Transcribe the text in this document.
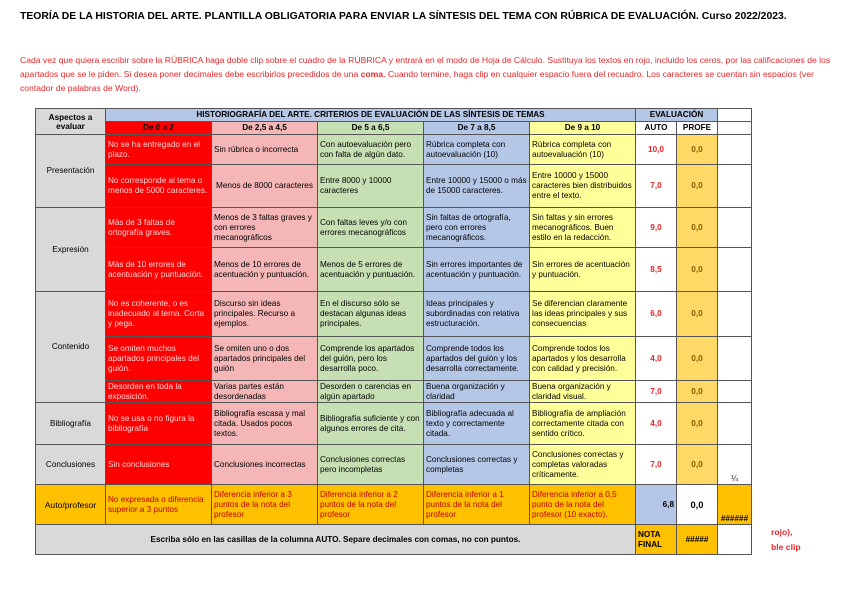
TEORÍA DE LA HISTORIA DEL ARTE. PLANTILLA OBLIGATORIA PARA ENVIAR LA SÍNTESIS DEL TEMA CON RÚBRICA DE EVALUACIÓN. Curso 2022/2023.
Cada vez que quiera escribir sobre la RÚBRICA haga doble clip sobre el cuadro de la RÚBRICA y entrará en el modo de Hoja de Cálculo. Sustituya los textos en rojo, incluido los ceros, por las calificaciones de los apartados que se le piden. Si desea poner decimales debe escribirlos precedidos de una coma. Cuando termine, haga clip en cualquier espacio fuera del recuadro. Los caracteres se cuentan sin espacios (ver contador de palabras de Word).
Aspectos a evaluar	HISTORIOGRAFÍA DEL ARTE. CRITERIOS DE EVALUACIÓN DE LAS SÍNTESIS DE TEMAS					EVALUACIÓN		
	De 0 a 2	De 2,5 a 4,5	De 5 a 6,5	De 7 a 8,5	De 9 a 10	AUTO	PROFE	
Presentación	No se ha entregado en el plazo.	Sin rúbrica o incorrecta	Con autoevaluación pero con falta de algún dato.	Rúbrica completa con autoevaluación (10)	Rúbrica completa con autoevaluación (10)	10,0	0,0	
	No corresponde al tema o menos de 5000 caracteres.	Menos de 8000 caracteres	Entre 8000 y 10000 caracteres	Entre 10000 y 15000 o más de 15000 caracteres.	Entre 10000 y 15000 caracteres bien distribuidos entre el texto.	7,0	0,0	
Expresión	Más de 3 faltas de ortografía graves.	Menos de 3 faltas graves y con errores mecanográficos	Con faltas leves y/o con errores mecanográficos	Sin faltas de ortografía, pero con errores mecanográficos.	Sin faltas y sin errores mecanográficos. Buen estilo en la redacción.	9,0	0,0	
	Más de 10 errores de acentuación y puntuación.	Menos de 10 errores de acentuación y puntuación.	Menos de 5 errores de acentuación y puntuación.	Sin errores importantes de acentuación y puntuación.	Sin errores de acentuación y puntuación.	8,5	0,0	
Contenido	No es coherente, o es inadecuado al tema. Corta y pega.	Discurso sin ideas principales. Recurso a ejemplos.	En el discurso sólo se destacan algunas ideas principales.	Ideas principales y subordinadas con relativa estructuración.	Se diferencian claramente las ideas principales y sus consecuencias	6,0	0,0	
	Se omiten muchos apartados principales del guión.	Se omiten uno o dos apartados principales del guión	Comprende los apartados del guión, pero los desarrolla poco.	Comprende todos los apartados del guión y los desarrolla correctamente.	Comprende todos los apartados y los desarrolla con calidad y precisión.	4,0	0,0	
	Desorden en toda la exposición.	Varias partes están desordenadas	Desorden o carencias en algún apartado	Buena organización y claridad	Buena organización y claridad visual.	7,0	0,0	
Bibliografía	No se usa o no figura la bibliografía	Bibliografía escasa y mal citada. Usados pocos textos.	Bibliografía suficiente y con algunos errores de cita.	Bibliografía adecuada al texto y correctamente citada.	Bibliografía de ampliación correctamente citada con sentido crítico.	4,0	0,0	
Conclusiones	Sin conclusiones	Conclusiones incorrectas	Conclusiones correctas pero incompletas	Conclusiones correctas y completas	Conclusiones correctas y completas valoradas críticamente.	7,0	0,0	¼
Auto/profesor	No expresada o diferencia superior a 3 puntos	Diferencia inferior a 3 puntos de la nota del profesor	Diferencia inferior a 2 puntos de la nota del profesor	Diferencia inferior a 1 puntos de la nota del profesor	Diferencia inferior a 0,5 punto de la nota del profesor (10 exacto).	6,8	0,0	######
Escriba sólo en las casillas de la columna AUTO. Separe decimales con comas, no con puntos.						NOTA FINAL	#####	
rojo),
ble clip
